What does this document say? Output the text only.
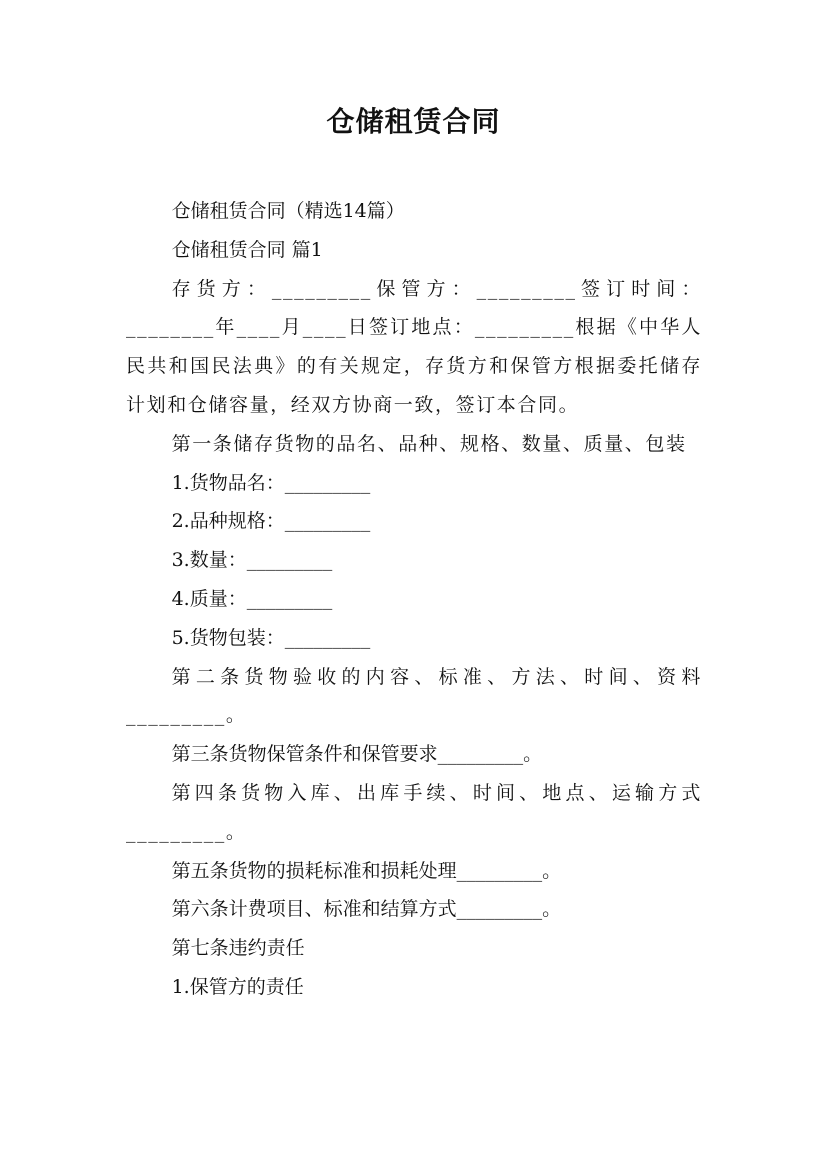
仓储租赁合同

仓储租赁合同（精选14篇）

仓储租赁合同 篇1

存货方：_________保管方：_________签订时间：________年____月____日签订地点：_________根据《中华人民共和国民法典》的有关规定，存货方和保管方根据委托储存计划和仓储容量，经双方协商一致，签订本合同。

第一条储存货物的品名、品种、规格、数量、质量、包装

1.货物品名：_________

2.品种规格：_________

3.数量：_________

4.质量：_________

5.货物包装：_________

第二条货物验收的内容、标准、方法、时间、资料_________。

第三条货物保管条件和保管要求_________。

第四条货物入库、出库手续、时间、地点、运输方式_________。

第五条货物的损耗标准和损耗处理_________。

第六条计费项目、标准和结算方式_________。

第七条违约责任

1.保管方的责任
